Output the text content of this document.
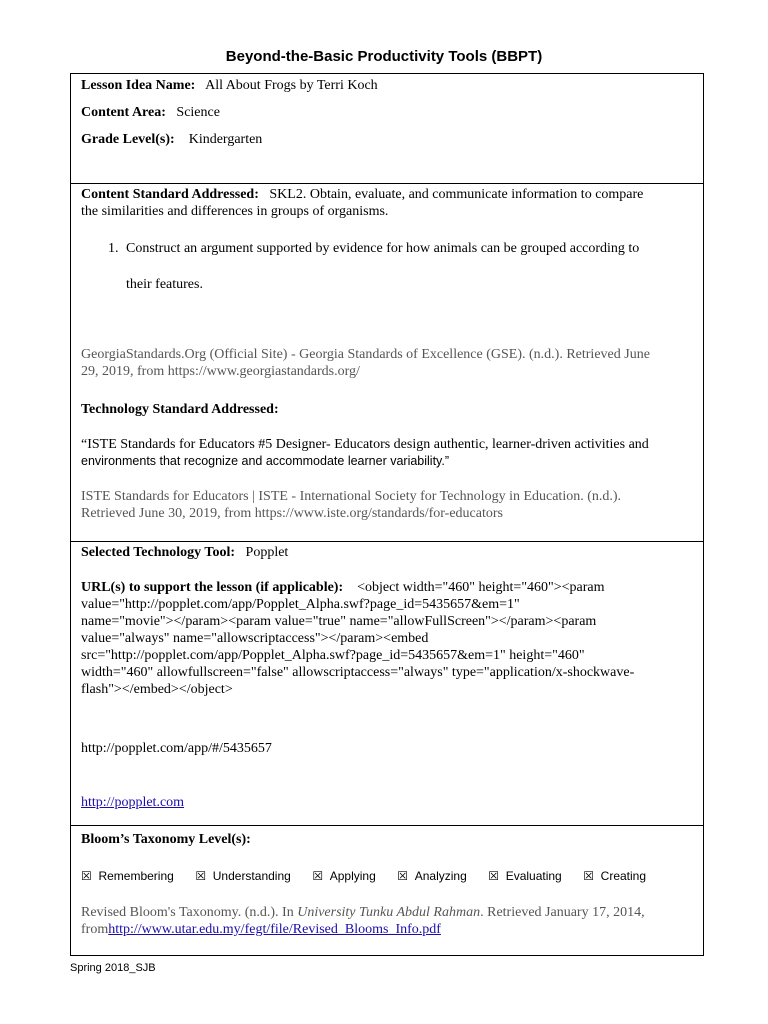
Beyond-the-Basic Productivity Tools (BBPT)

Lesson Idea Name: All About Frogs by Terri Koch

Content Area: Science

Grade Level(s): Kindergarten

Content Standard Addressed: SKL2. Obtain, evaluate, and communicate information to compare
the similarities and differences in groups of organisms.

1. Construct an argument supported by evidence for how animals can be grouped according to
their features.

GeorgiaStandards.Org (Official Site) - Georgia Standards of Excellence (GSE). (n.d.). Retrieved June
29, 2019, from https://www.georgiastandards.org/

Technology Standard Addressed:

“ISTE Standards for Educators #5 Designer- Educators design authentic, learner-driven activities and
environments that recognize and accommodate learner variability.”

ISTE Standards for Educators | ISTE - International Society for Technology in Education. (n.d.).
Retrieved June 30, 2019, from https://www.iste.org/standards/for-educators

Selected Technology Tool: Popplet

URL(s) to support the lesson (if applicable): <object width="460" height="460"><param
value="http://popplet.com/app/Popplet_Alpha.swf?page_id=5435657&em=1"
name="movie"></param><param value="true" name="allowFullScreen"></param><param
value="always" name="allowscriptaccess"></param><embed
src="http://popplet.com/app/Popplet_Alpha.swf?page_id=5435657&em=1" height="460"
width="460" allowfullscreen="false" allowscriptaccess="always" type="application/x-shockwave-
flash"></embed></object>

http://popplet.com/app/#/5435657

http://popplet.com

Bloom’s Taxonomy Level(s):

☒ Remembering ☒ Understanding ☒ Applying ☒ Analyzing ☒ Evaluating ☒ Creating

Revised Bloom's Taxonomy. (n.d.). In University Tunku Abdul Rahman. Retrieved January 17, 2014,
fromhttp://www.utar.edu.my/fegt/file/Revised_Blooms_Info.pdf

Spring 2018_SJB
